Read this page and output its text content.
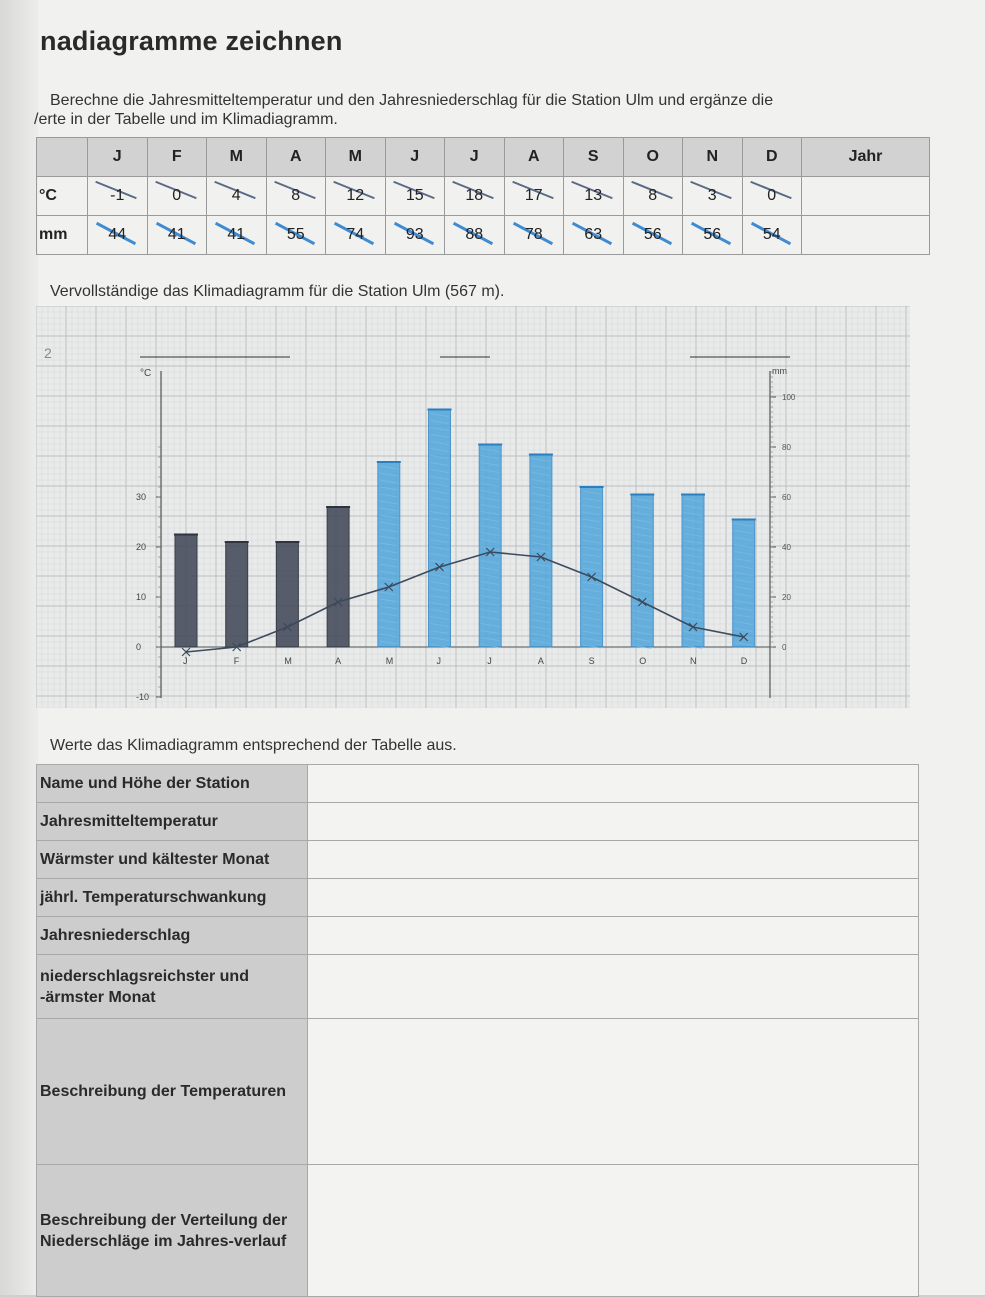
nadiagramme zeichnen
Berechne die Jahresmitteltemperatur und den Jahresniederschlag für die Station Ulm und ergänze die
/erte in der Tabelle und im Klimadiagramm.
	J	F	M	A	M	J	J	A	S	O	N	D	Jahr
°C	-1	0	4	8	12	15	18	17	13	8	3	0	
mm	44	41	41	55	74	93	88	78	63	56	56	54	
Vervollständige das Klimadiagramm für die Station Ulm (567 m).
2
°C	mm
30
20
10
0
-10
100
80
60
40
20
0
J	F	M	A	M	J	J	A	S	O	N	D
Werte das Klimadiagramm entsprechend der Tabelle aus.
Name und Höhe der Station	
Jahresmitteltemperatur	
Wärmster und kältester Monat	
jährl. Temperaturschwankung	
Jahresniederschlag	
niederschlagsreichster und -ärmster Monat	
Beschreibung der Temperaturen	
Beschreibung der Verteilung der Niederschläge im Jahres-verlauf	
